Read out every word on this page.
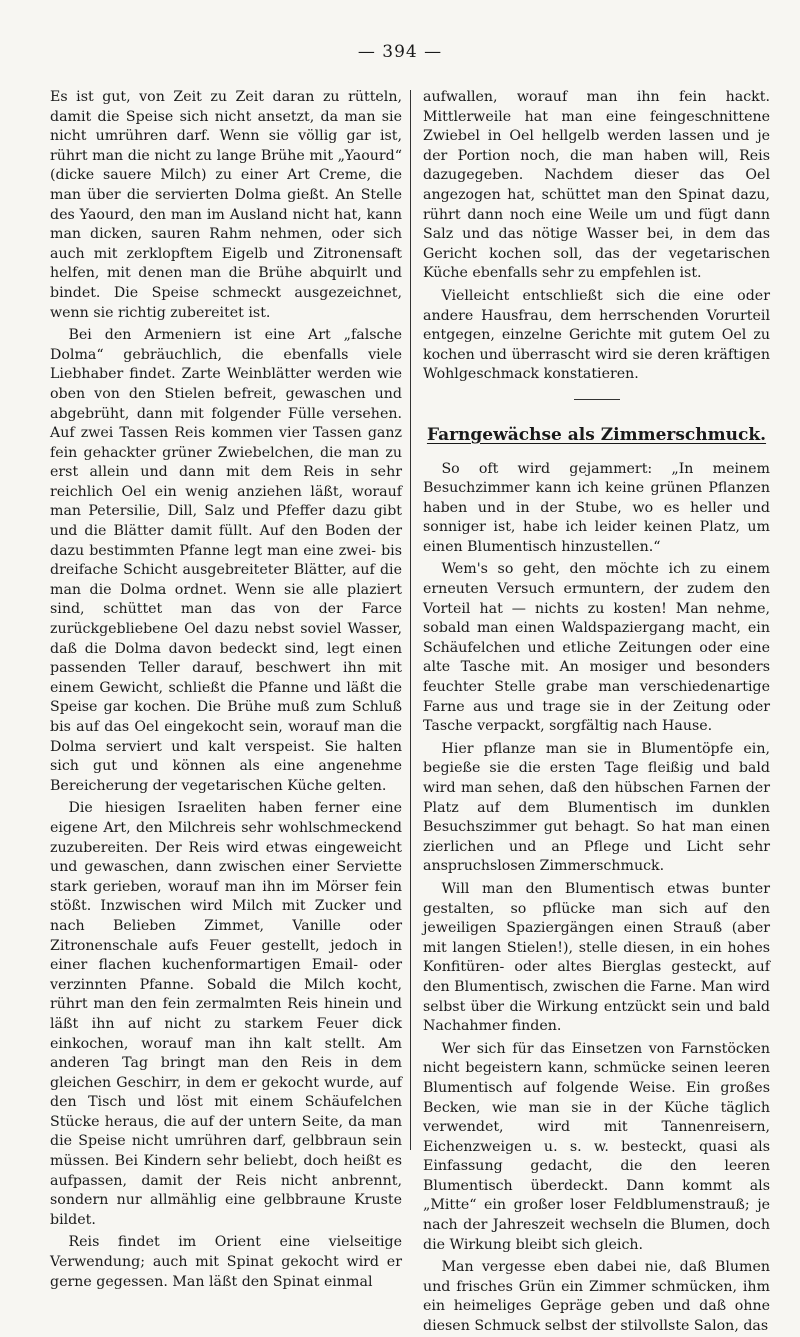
— 394 —

Es ist gut, von Zeit zu Zeit daran zu rütteln, damit die Speise sich nicht ansetzt, da man sie nicht umrühren darf. Wenn sie völlig gar ist, rührt man die nicht zu lange Brühe mit „Yaourd“ (dicke sauere Milch) zu einer Art Creme, die man über die servierten Dolma gießt. An Stelle des Yaourd, den man im Ausland nicht hat, kann man dicken, sauren Rahm nehmen, oder sich auch mit zerklopftem Eigelb und Zitronensaft helfen, mit denen man die Brühe abquirlt und bindet. Die Speise schmeckt ausgezeichnet, wenn sie richtig zubereitet ist.

Bei den Armeniern ist eine Art „falsche Dolma“ gebräuchlich, die ebenfalls viele Liebhaber findet. Zarte Weinblätter werden wie oben von den Stielen befreit, gewaschen und abgebrüht, dann mit folgender Fülle versehen. Auf zwei Tassen Reis kommen vier Tassen ganz fein gehackter grüner Zwiebelchen, die man zu erst allein und dann mit dem Reis in sehr reichlich Oel ein wenig anziehen läßt, worauf man Petersilie, Dill, Salz und Pfeffer dazu gibt und die Blätter damit füllt. Auf den Boden der dazu bestimmten Pfanne legt man eine zwei- bis dreifache Schicht ausgebreiteter Blätter, auf die man die Dolma ordnet. Wenn sie alle plaziert sind, schüttet man das von der Farce zurückgebliebene Oel dazu nebst soviel Wasser, daß die Dolma davon bedeckt sind, legt einen passenden Teller darauf, beschwert ihn mit einem Gewicht, schließt die Pfanne und läßt die Speise gar kochen. Die Brühe muß zum Schluß bis auf das Oel eingekocht sein, worauf man die Dolma serviert und kalt verspeist. Sie halten sich gut und können als eine angenehme Bereicherung der vegetarischen Küche gelten.

Die hiesigen Israeliten haben ferner eine eigene Art, den Milchreis sehr wohlschmeckend zuzubereiten. Der Reis wird etwas eingeweicht und gewaschen, dann zwischen einer Serviette stark gerieben, worauf man ihn im Mörser fein stößt. Inzwischen wird Milch mit Zucker und nach Belieben Zimmet, Vanille oder Zitronenschale aufs Feuer gestellt, jedoch in einer flachen kuchenformartigen Email- oder verzinnten Pfanne. Sobald die Milch kocht, rührt man den fein zermalmten Reis hinein und läßt ihn auf nicht zu starkem Feuer dick einkochen, worauf man ihn kalt stellt. Am anderen Tag bringt man den Reis in dem gleichen Geschirr, in dem er gekocht wurde, auf den Tisch und löst mit einem Schäufelchen Stücke heraus, die auf der untern Seite, da man die Speise nicht umrühren darf, gelbbraun sein müssen. Bei Kindern sehr beliebt, doch heißt es aufpassen, damit der Reis nicht anbrennt, sondern nur allmählig eine gelbbraune Kruste bildet.

Reis findet im Orient eine vielseitige Verwendung; auch mit Spinat gekocht wird er gerne gegessen. Man läßt den Spinat einmal

aufwallen, worauf man ihn fein hackt. Mittlerweile hat man eine feingeschnittene Zwiebel in Oel hellgelb werden lassen und je der Portion noch, die man haben will, Reis dazugegeben. Nachdem dieser das Oel angezogen hat, schüttet man den Spinat dazu, rührt dann noch eine Weile um und fügt dann Salz und das nötige Wasser bei, in dem das Gericht kochen soll, das der vegetarischen Küche ebenfalls sehr zu empfehlen ist.

Vielleicht entschließt sich die eine oder andere Hausfrau, dem herrschenden Vorurteil entgegen, einzelne Gerichte mit gutem Oel zu kochen und überrascht wird sie deren kräftigen Wohlgeschmack konstatieren.

Farngewächse als Zimmerschmuck.

So oft wird gejammert: „In meinem Besuchzimmer kann ich keine grünen Pflanzen haben und in der Stube, wo es heller und sonniger ist, habe ich leider keinen Platz, um einen Blumentisch hinzustellen.“

Wem's so geht, den möchte ich zu einem erneuten Versuch ermuntern, der zudem den Vorteil hat — nichts zu kosten! Man nehme, sobald man einen Waldspaziergang macht, ein Schäufelchen und etliche Zeitungen oder eine alte Tasche mit. An mosiger und besonders feuchter Stelle grabe man verschiedenartige Farne aus und trage sie in der Zeitung oder Tasche verpackt, sorgfältig nach Hause.

Hier pflanze man sie in Blumentöpfe ein, begieße sie die ersten Tage fleißig und bald wird man sehen, daß den hübschen Farnen der Platz auf dem Blumentisch im dunklen Besuchszimmer gut behagt. So hat man einen zierlichen und an Pflege und Licht sehr anspruchslosen Zimmerschmuck.

Will man den Blumentisch etwas bunter gestalten, so pflücke man sich auf den jeweiligen Spaziergängen einen Strauß (aber mit langen Stielen!), stelle diesen, in ein hohes Konfitüren- oder altes Bierglas gesteckt, auf den Blumentisch, zwischen die Farne. Man wird selbst über die Wirkung entzückt sein und bald Nachahmer finden.

Wer sich für das Einsetzen von Farnstöcken nicht begeistern kann, schmücke seinen leeren Blumentisch auf folgende Weise. Ein großes Becken, wie man sie in der Küche täglich verwendet, wird mit Tannenreisern, Eichenzweigen u. s. w. besteckt, quasi als Einfassung gedacht, die den leeren Blumentisch überdeckt. Dann kommt als „Mitte“ ein großer loser Feldblumenstrauß; je nach der Jahreszeit wechseln die Blumen, doch die Wirkung bleibt sich gleich.

Man vergesse eben dabei nie, daß Blumen und frisches Grün ein Zimmer schmücken, ihm ein heimeliges Gepräge geben und daß ohne diesen Schmuck selbst der stilvollste Salon, das
